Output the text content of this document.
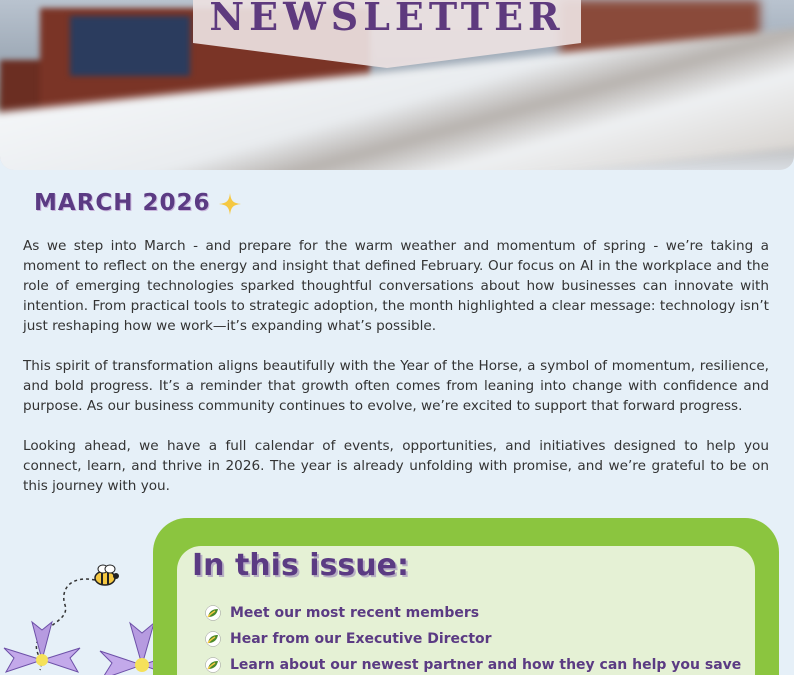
NEWSLETTER
MARCH 2026

As we step into March - and prepare for the warm weather and momentum of spring - we’re taking a moment to reflect on the energy and insight that defined February. Our focus on AI in the workplace and the role of emerging technologies sparked thoughtful conversations about how businesses can innovate with intention. From practical tools to strategic adoption, the month highlighted a clear message: technology isn’t just reshaping how we work—it’s expanding what’s possible.

This spirit of transformation aligns beautifully with the Year of the Horse, a symbol of momentum, resilience, and bold progress. It’s a reminder that growth often comes from leaning into change with confidence and purpose. As our business community continues to evolve, we’re excited to support that forward progress.

Looking ahead, we have a full calendar of events, opportunities, and initiatives designed to help you connect, learn, and thrive in 2026. The year is already unfolding with promise, and we’re grateful to be on this journey with you.

In this issue:
Meet our most recent members
Hear from our Executive Director
Learn about our newest partner and how they can help you save
